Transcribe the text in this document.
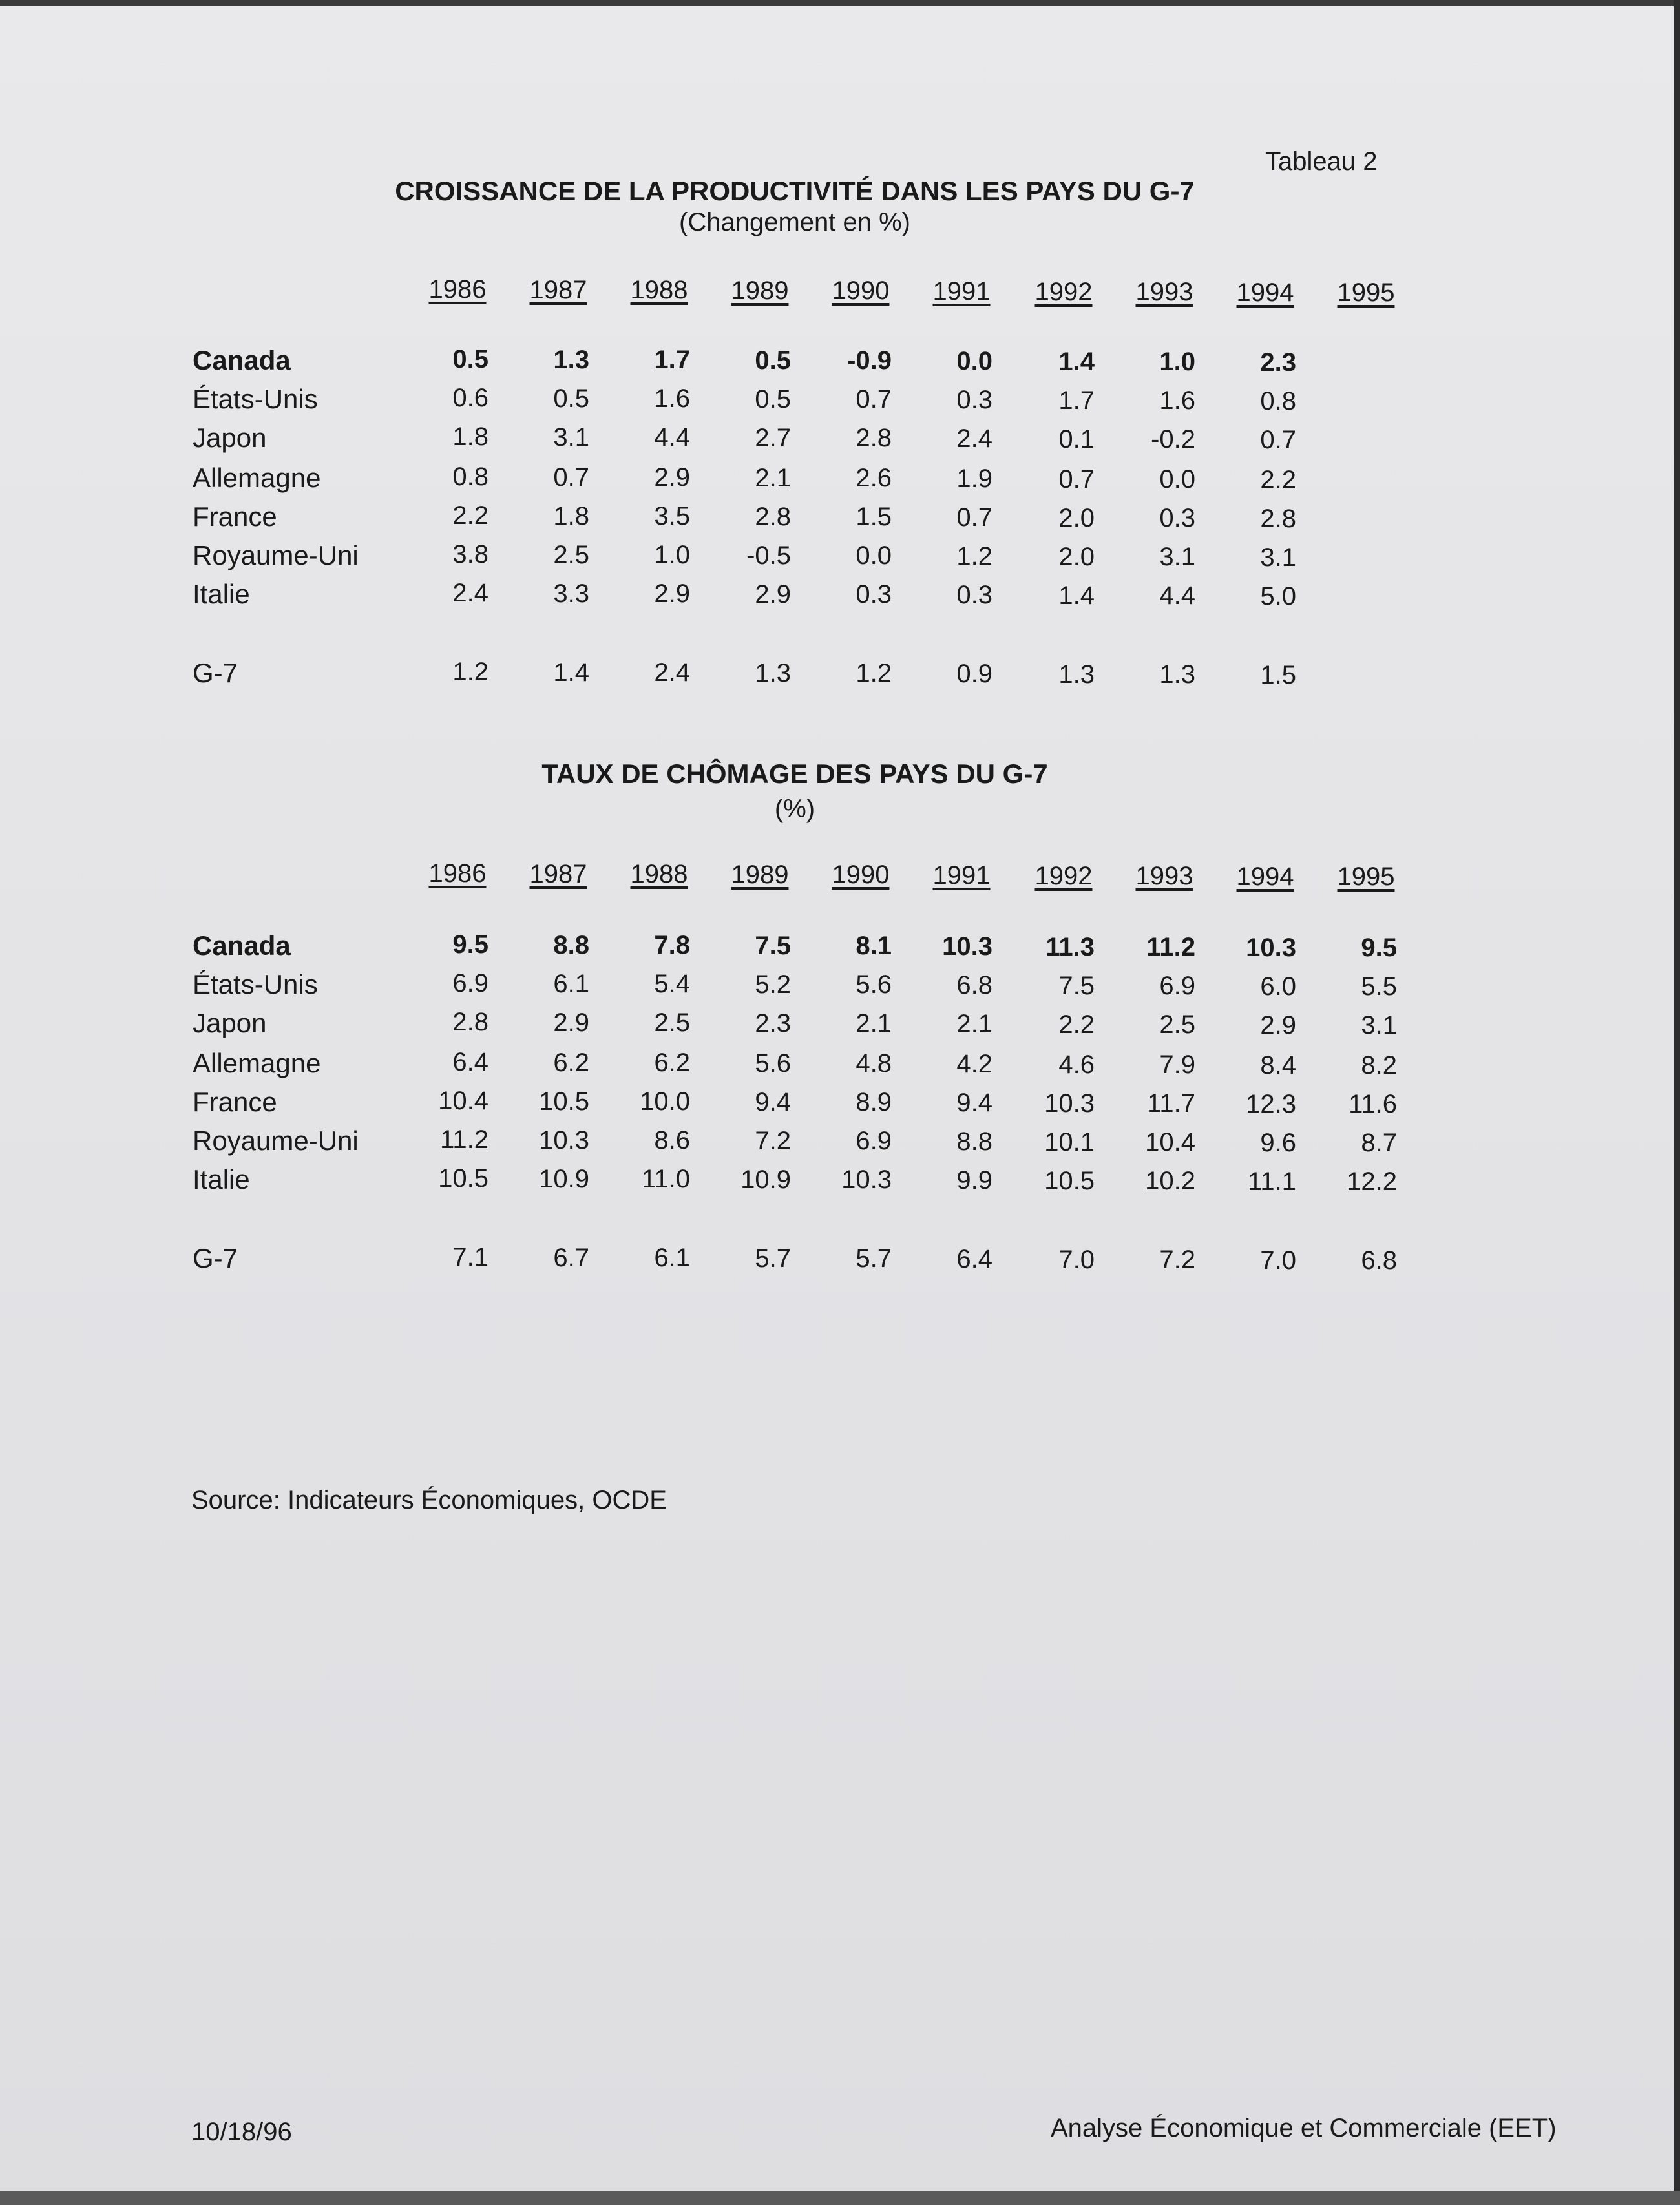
Tableau 2
CROISSANCE DE LA PRODUCTIVITÉ DANS LES PAYS DU G-7
(Changement en %)
1986	1987	1988	1989	1990	1991	1992	1993	1994	1995
Canada	0.5	1.3	1.7	0.5	-0.9	0.0	1.4	1.0	2.3
États-Unis	0.6	0.5	1.6	0.5	0.7	0.3	1.7	1.6	0.8
Japon	1.8	3.1	4.4	2.7	2.8	2.4	0.1	-0.2	0.7
Allemagne	0.8	0.7	2.9	2.1	2.6	1.9	0.7	0.0	2.2
France	2.2	1.8	3.5	2.8	1.5	0.7	2.0	0.3	2.8
Royaume-Uni	3.8	2.5	1.0	-0.5	0.0	1.2	2.0	3.1	3.1
Italie	2.4	3.3	2.9	2.9	0.3	0.3	1.4	4.4	5.0
G-7	1.2	1.4	2.4	1.3	1.2	0.9	1.3	1.3	1.5
TAUX DE CHÔMAGE DES PAYS DU G-7
(%)
1986	1987	1988	1989	1990	1991	1992	1993	1994	1995
Canada	9.5	8.8	7.8	7.5	8.1	10.3	11.3	11.2	10.3	9.5
États-Unis	6.9	6.1	5.4	5.2	5.6	6.8	7.5	6.9	6.0	5.5
Japon	2.8	2.9	2.5	2.3	2.1	2.1	2.2	2.5	2.9	3.1
Allemagne	6.4	6.2	6.2	5.6	4.8	4.2	4.6	7.9	8.4	8.2
France	10.4	10.5	10.0	9.4	8.9	9.4	10.3	11.7	12.3	11.6
Royaume-Uni	11.2	10.3	8.6	7.2	6.9	8.8	10.1	10.4	9.6	8.7
Italie	10.5	10.9	11.0	10.9	10.3	9.9	10.5	10.2	11.1	12.2
G-7	7.1	6.7	6.1	5.7	5.7	6.4	7.0	7.2	7.0	6.8
Source: Indicateurs Économiques, OCDE
10/18/96	Analyse Économique et Commerciale (EET)
